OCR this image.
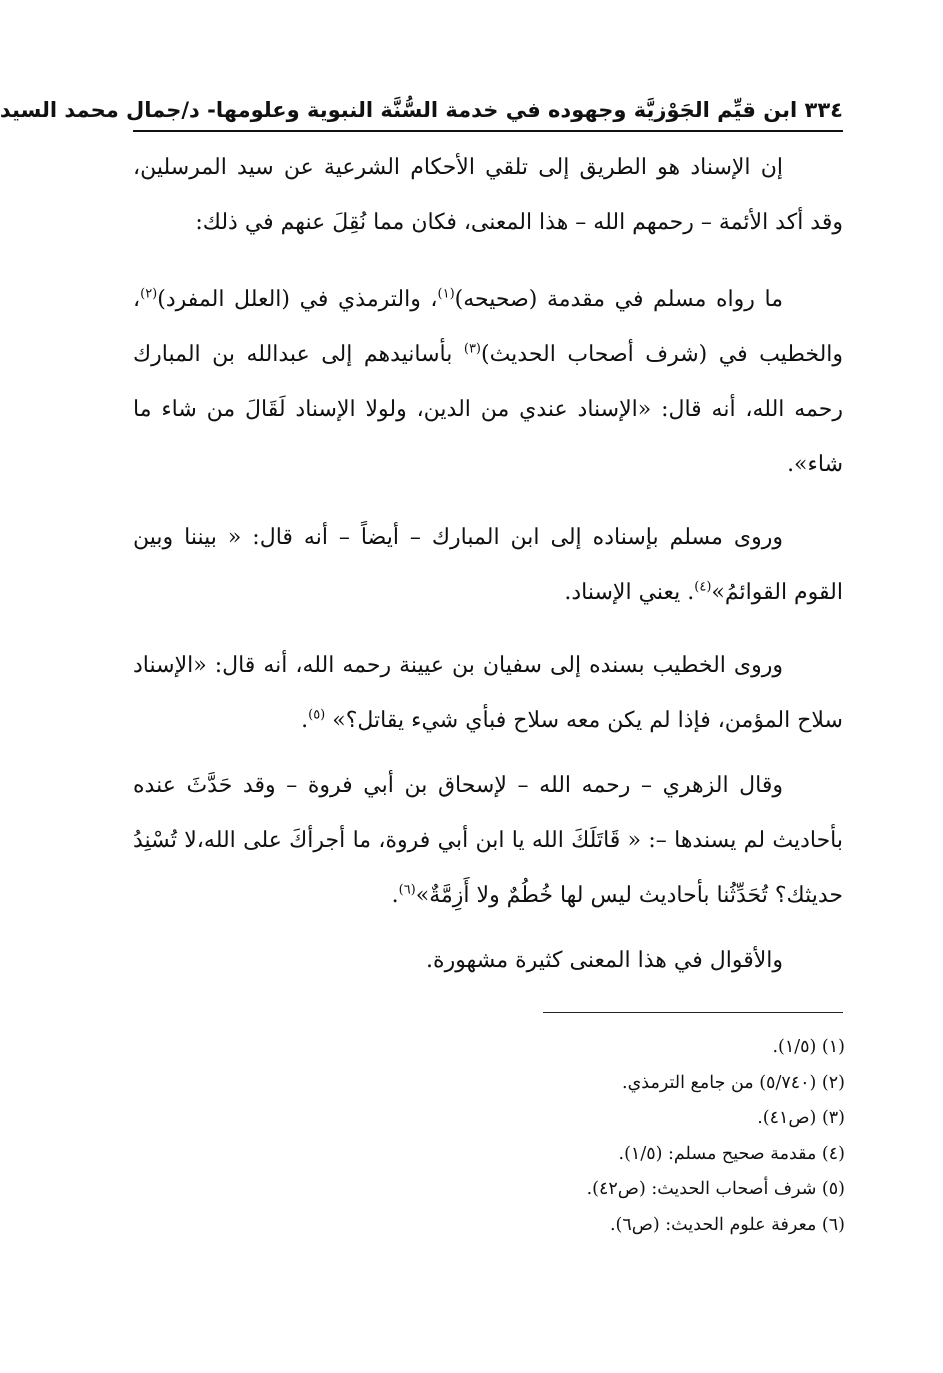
٣٣٤ ابن قيِّم الجَوْزيَّة وجهوده في خدمة السُّنَّة النبوية وعلومها- د/جمال محمد السيد

إن الإسناد هو الطريق إلى تلقي الأحكام الشرعية عن سيد المرسلين، وقد أكد الأئمة – رحمهم الله – هذا المعنى، فكان مما نُقِلَ عنهم في ذلك:

ما رواه مسلم في مقدمة (صحيحه)$^{(١)}$، والترمذي في (العلل المفرد)$^{(٢)}$، والخطيب في (شرف أصحاب الحديث)$^{(٣)}$ بأسانيدهم إلى عبدالله بن المبارك رحمه الله، أنه قال: «الإسناد عندي من الدين، ولولا الإسناد لَقَالَ من شاء ما شاء».

وروى مسلم بإسناده إلى ابن المبارك – أيضاً – أنه قال: « بيننا وبين القوم القوائمُ»$^{(٤)}$. يعني الإسناد.

وروى الخطيب بسنده إلى سفيان بن عيينة رحمه الله، أنه قال: «الإسناد سلاح المؤمن، فإذا لم يكن معه سلاح فبأي شيء يقاتل؟» $^{(٥)}$.

وقال الزهري – رحمه الله – لإسحاق بن أبي فروة – وقد حَدَّثَ عنده بأحاديث لم يسندها –: « قَاتَلَكَ الله يا ابن أبي فروة، ما أجرأكَ على الله،لا تُسْنِدُ حديثك؟ تُحَدِّثُنا بأحاديث ليس لها خُطُمٌ ولا أَزِمَّةٌ»$^{(٦)}$.

والأقوال في هذا المعنى كثيرة مشهورة.

(١) (١/٥).

(٢) (٥/٧٤٠) من جامع الترمذي.

(٣) (ص٤١).

(٤) مقدمة صحيح مسلم: (١/٥).

(٥) شرف أصحاب الحديث: (ص٤٢).

(٦) معرفة علوم الحديث: (ص٦).
